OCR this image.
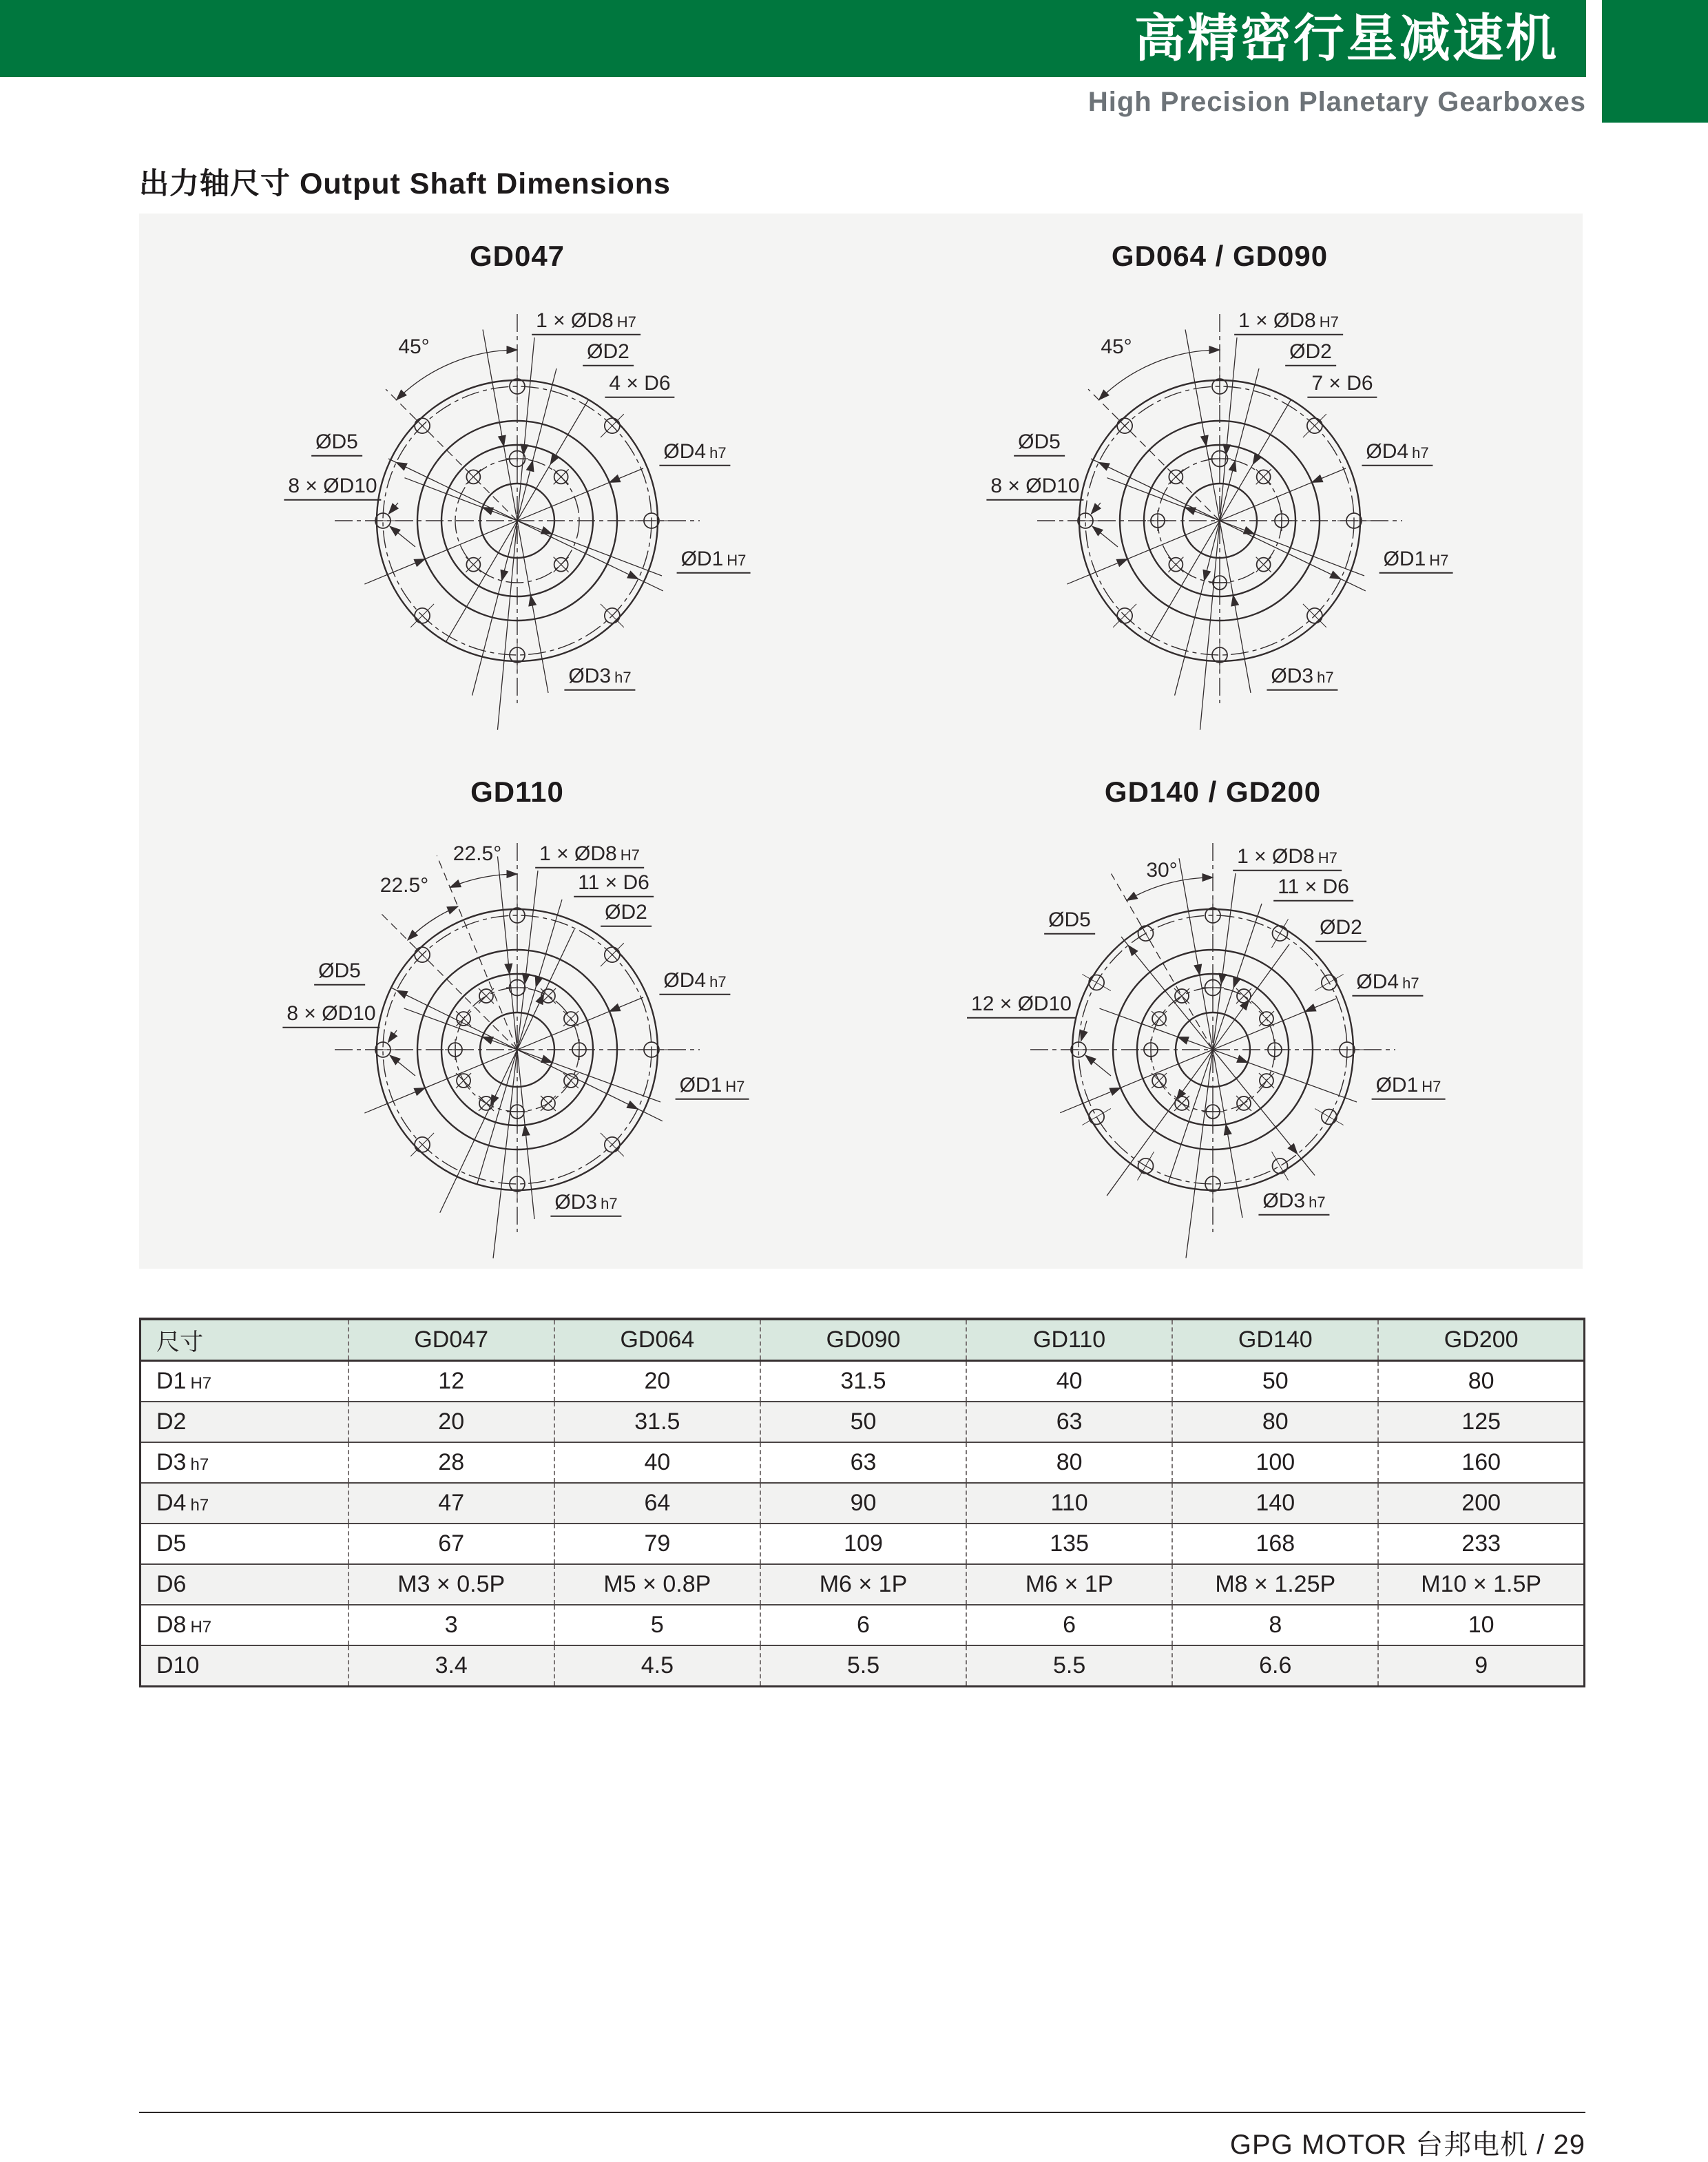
高精密行星减速机
High Precision Planetary Gearboxes
出力轴尺寸 Output Shaft Dimensions
GD047	GD064 / GD090
GD110	GD140 / GD200
1 × ØD8 H7
ØD2
4 × D6
ØD5	ØD4 h7
8 × ØD10
ØD1 H7
ØD3 h7
45°
1 × ØD8 H7
ØD2
7 × D6
ØD5	ØD4 h7
8 × ØD10
ØD1 H7
ØD3 h7
45°
1 × ØD8 H7
ØD2
11 × D6
ØD5	ØD4 h7
8 × ØD10
ØD1 H7
ØD3 h7
22.5°
22.5°
1 × ØD8 H7
ØD2
11 × D6
ØD5
ØD4 h7
12 × ØD10
ØD1 H7
ØD3 h7
30°
尺寸	GD047	GD064	GD090	GD110	GD140	GD200
D1 H7	12	20	31.5	40	50	80
D2	20	31.5	50	63	80	125
D3 h7	28	40	63	80	100	160
D4 h7	47	64	90	110	140	200
D5	67	79	109	135	168	233
D6	M3 × 0.5P	M5 × 0.8P	M6 × 1P	M6 × 1P	M8 × 1.25P	M10 × 1.5P
D8 H7	3	5	6	6	8	10
D10	3.4	4.5	5.5	5.5	6.6	9
GPG MOTOR 台邦电机 / 29
